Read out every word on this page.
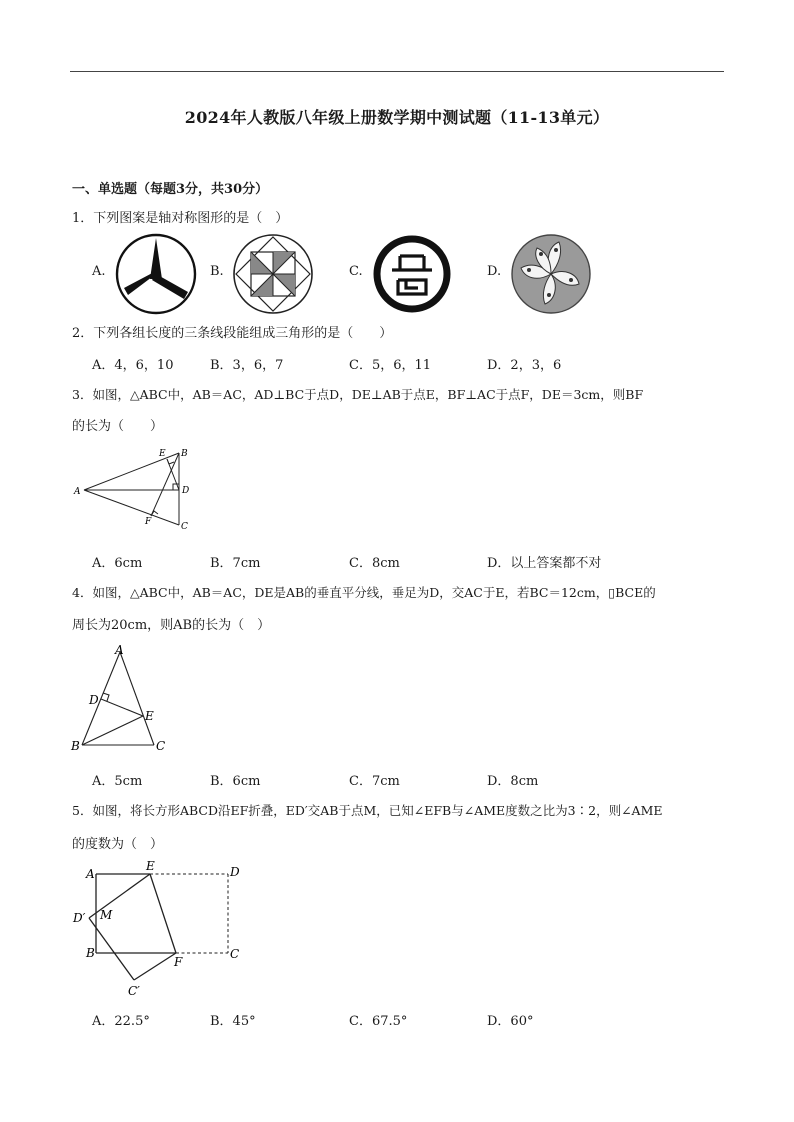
2024年人教版八年级上册数学期中测试题（11-13单元）
一、单选题（每题3分，共30分）
1．下列图案是轴对称图形的是（　）
A.	B.	C.	D.
2．下列各组长度的三条线段能组成三角形的是（　　）
A．4，6，10	B．3，6，7	C．5，6，11	D．2，3，6
3．如图，△ABC中，AB＝AC，AD⊥BC于点D，DE⊥AB于点E，BF⊥AC于点F，DE＝3cm，则BF
的长为（　　）
A
B
C
D
E
F
A．6cm	B．7cm	C．8cm	D．以上答案都不对
4．如图，△ABC中，AB＝AC，DE是AB的垂直平分线，垂足为D，交AC于E，若BC＝12cm，▯BCE的
周长为20cm，则AB的长为（　）
A
B	C
D
E
A．5cm	B．6cm	C．7cm	D．8cm
5．如图，将长方形ABCD沿EF折叠，ED′交AB于点M，已知∠EFB与∠AME度数之比为3∶2，则∠AME
的度数为（　）
A
E	D
D′ M
B
F
C
C′
A．22.5°	B．45°	C．67.5°	D．60°
